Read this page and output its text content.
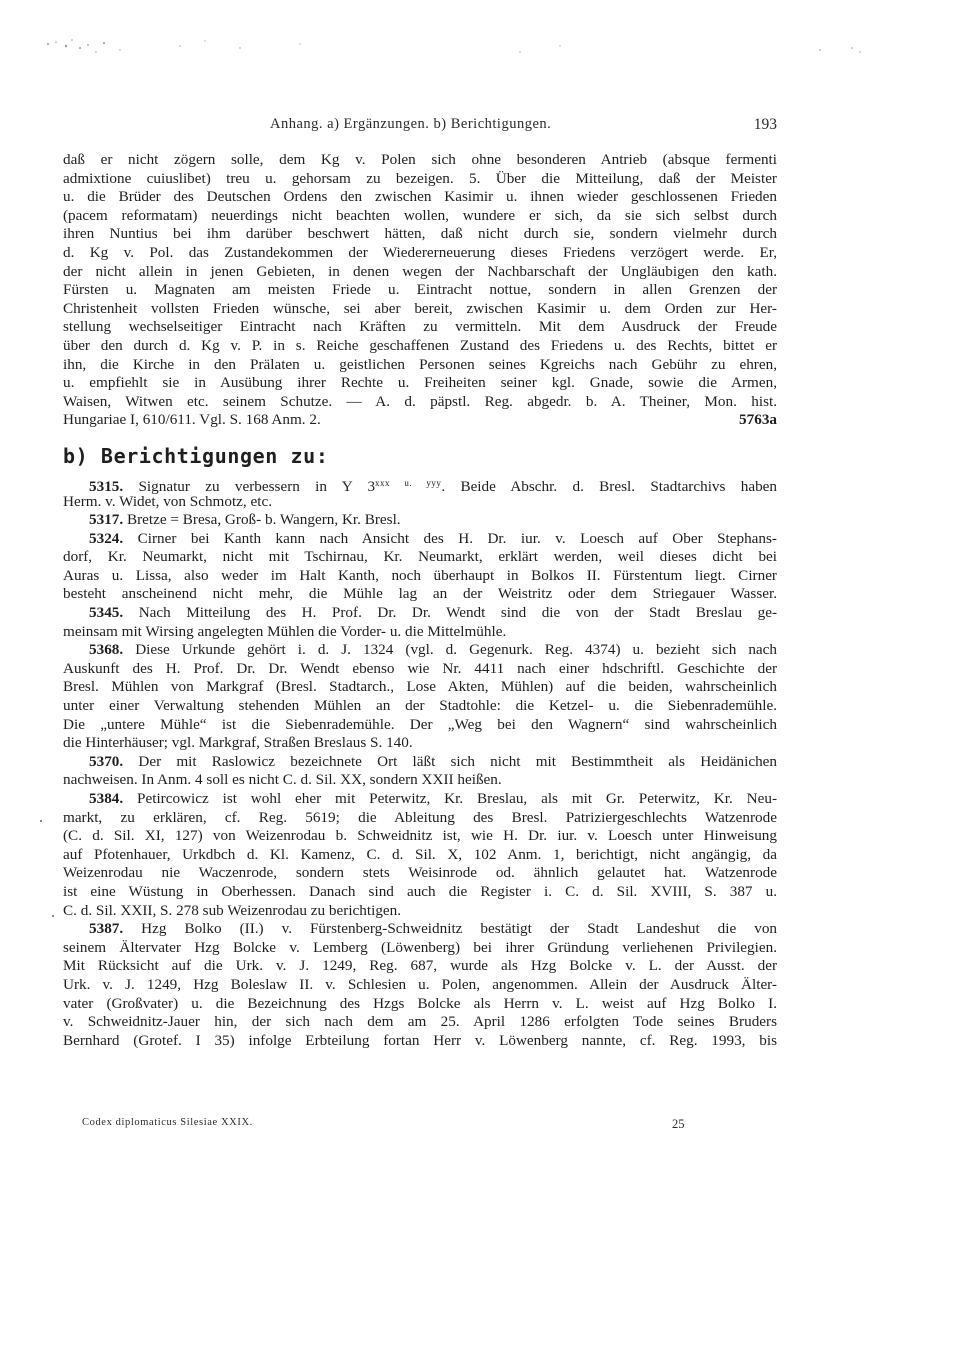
Anhang. a) Ergänzungen. b) Berichtigungen.	193
daß er nicht zögern solle, dem Kg v. Polen sich ohne besonderen Antrieb (absque fermenti
admixtione cuiuslibet) treu u. gehorsam zu bezeigen. 5. Über die Mitteilung, daß der Meister
u. die Brüder des Deutschen Ordens den zwischen Kasimir u. ihnen wieder geschlossenen Frieden
(pacem reformatam) neuerdings nicht beachten wollen, wundere er sich, da sie sich selbst durch
ihren Nuntius bei ihm darüber beschwert hätten, daß nicht durch sie, sondern vielmehr durch
d. Kg v. Pol. das Zustandekommen der Wiedererneuerung dieses Friedens verzögert werde. Er,
der nicht allein in jenen Gebieten, in denen wegen der Nachbarschaft der Ungläubigen den kath.
Fürsten u. Magnaten am meisten Friede u. Eintracht nottue, sondern in allen Grenzen der
Christenheit vollsten Frieden wünsche, sei aber bereit, zwischen Kasimir u. dem Orden zur Her-
stellung wechselseitiger Eintracht nach Kräften zu vermitteln. Mit dem Ausdruck der Freude
über den durch d. Kg v. P. in s. Reiche geschaffenen Zustand des Friedens u. des Rechts, bittet er
ihn, die Kirche in den Prälaten u. geistlichen Personen seines Kgreichs nach Gebühr zu ehren,
u. empfiehlt sie in Ausübung ihrer Rechte u. Freiheiten seiner kgl. Gnade, sowie die Armen,
Waisen, Witwen etc. seinem Schutze. — A. d. päpstl. Reg. abgedr. b. A. Theiner, Mon. hist.
Hungariae I, 610/611. Vgl. S. 168 Anm. 2.	5763a
b) Berichtigungen zu:
5315. Signatur zu verbessern in Y $3^{xxx u. yyy}$. Beide Abschr. d. Bresl. Stadtarchivs haben
Herm. v. Widet, von Schmotz, etc.
5317. Bretze = Bresa, Groß- b. Wangern, Kr. Bresl.
5324. Cirner bei Kanth kann nach Ansicht des H. Dr. iur. v. Loesch auf Ober Stephans-
dorf, Kr. Neumarkt, nicht mit Tschirnau, Kr. Neumarkt, erklärt werden, weil dieses dicht bei
Auras u. Lissa, also weder im Halt Kanth, noch überhaupt in Bolkos II. Fürstentum liegt. Cirner
besteht anscheinend nicht mehr, die Mühle lag an der Weistritz oder dem Striegauer Wasser.
5345. Nach Mitteilung des H. Prof. Dr. Dr. Wendt sind die von der Stadt Breslau ge-
meinsam mit Wirsing angelegten Mühlen die Vorder- u. die Mittelmühle.
5368. Diese Urkunde gehört i. d. J. 1324 (vgl. d. Gegenurk. Reg. 4374) u. bezieht sich nach
Auskunft des H. Prof. Dr. Dr. Wendt ebenso wie Nr. 4411 nach einer hdschriftl. Geschichte der
Bresl. Mühlen von Markgraf (Bresl. Stadtarch., Lose Akten, Mühlen) auf die beiden, wahrscheinlich
unter einer Verwaltung stehenden Mühlen an der Stadtohle: die Ketzel- u. die Siebenrademühle.
Die „untere Mühle“ ist die Siebenrademühle. Der „Weg bei den Wagnern“ sind wahrscheinlich
die Hinterhäuser; vgl. Markgraf, Straßen Breslaus S. 140.
5370. Der mit Raslowicz bezeichnete Ort läßt sich nicht mit Bestimmtheit als Heidänichen
nachweisen. In Anm. 4 soll es nicht C. d. Sil. XX, sondern XXII heißen.
5384. Petircowicz ist wohl eher mit Peterwitz, Kr. Breslau, als mit Gr. Peterwitz, Kr. Neu-
markt, zu erklären, cf. Reg. 5619; die Ableitung des Bresl. Patriziergeschlechts Watzenrode
(C. d. Sil. XI, 127) von Weizenrodau b. Schweidnitz ist, wie H. Dr. iur. v. Loesch unter Hinweisung
auf Pfotenhauer, Urkdbch d. Kl. Kamenz, C. d. Sil. X, 102 Anm. 1, berichtigt, nicht angängig, da
Weizenrodau nie Waczenrode, sondern stets Weisinrode od. ähnlich gelautet hat. Watzenrode
ist eine Wüstung in Oberhessen. Danach sind auch die Register i. C. d. Sil. XVIII, S. 387 u.
C. d. Sil. XXII, S. 278 sub Weizenrodau zu berichtigen.
5387. Hzg Bolko (II.) v. Fürstenberg-Schweidnitz bestätigt der Stadt Landeshut die von
seinem Ältervater Hzg Bolcke v. Lemberg (Löwenberg) bei ihrer Gründung verliehenen Privilegien.
Mit Rücksicht auf die Urk. v. J. 1249, Reg. 687, wurde als Hzg Bolcke v. L. der Ausst. der
Urk. v. J. 1249, Hzg Boleslaw II. v. Schlesien u. Polen, angenommen. Allein der Ausdruck Älter-
vater (Großvater) u. die Bezeichnung des Hzgs Bolcke als Herrn v. L. weist auf Hzg Bolko I.
v. Schweidnitz-Jauer hin, der sich nach dem am 25. April 1286 erfolgten Tode seines Bruders
Bernhard (Grotef. I 35) infolge Erbteilung fortan Herr v. Löwenberg nannte, cf. Reg. 1993, bis
Codex diplomaticus Silesiae XXIX.	25
